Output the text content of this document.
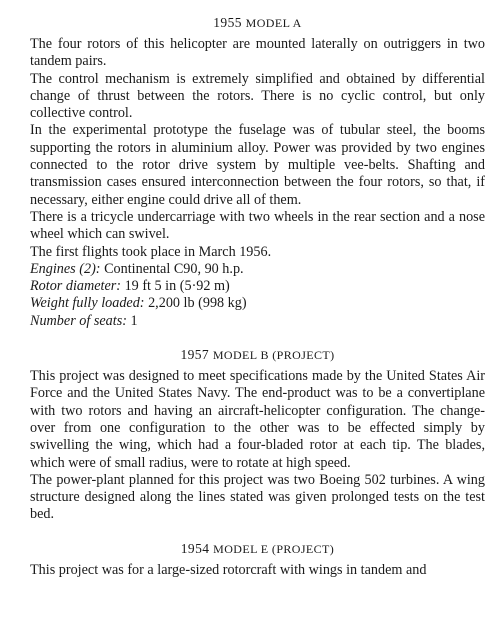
1955 MODEL A

The four rotors of this helicopter are mounted laterally on outriggers in two tandem pairs.

The control mechanism is extremely simplified and obtained by differential change of thrust between the rotors. There is no cyclic control, but only collective control.

In the experimental prototype the fuselage was of tubular steel, the booms supporting the rotors in aluminium alloy. Power was provided by two engines connected to the rotor drive system by multiple vee-belts. Shafting and transmission cases ensured interconnection between the four rotors, so that, if necessary, either engine could drive all of them.

There is a tricycle undercarriage with two wheels in the rear section and a nose wheel which can swivel.

The first flights took place in March 1956.

Engines (2): Continental C90, 90 h.p.

Rotor diameter: 19 ft 5 in (5·92 m)

Weight fully loaded: 2,200 lb (998 kg)

Number of seats: 1

1957 MODEL B (PROJECT)

This project was designed to meet specifications made by the United States Air Force and the United States Navy. The end-product was to be a convertiplane with two rotors and having an aircraft-helicopter configuration. The change-over from one configuration to the other was to be effected simply by swivelling the wing, which had a four-bladed rotor at each tip. The blades, which were of small radius, were to rotate at high speed.

The power-plant planned for this project was two Boeing 502 turbines. A wing structure designed along the lines stated was given prolonged tests on the test bed.

1954 MODEL E (PROJECT)

This project was for a large-sized rotorcraft with wings in tandem and
